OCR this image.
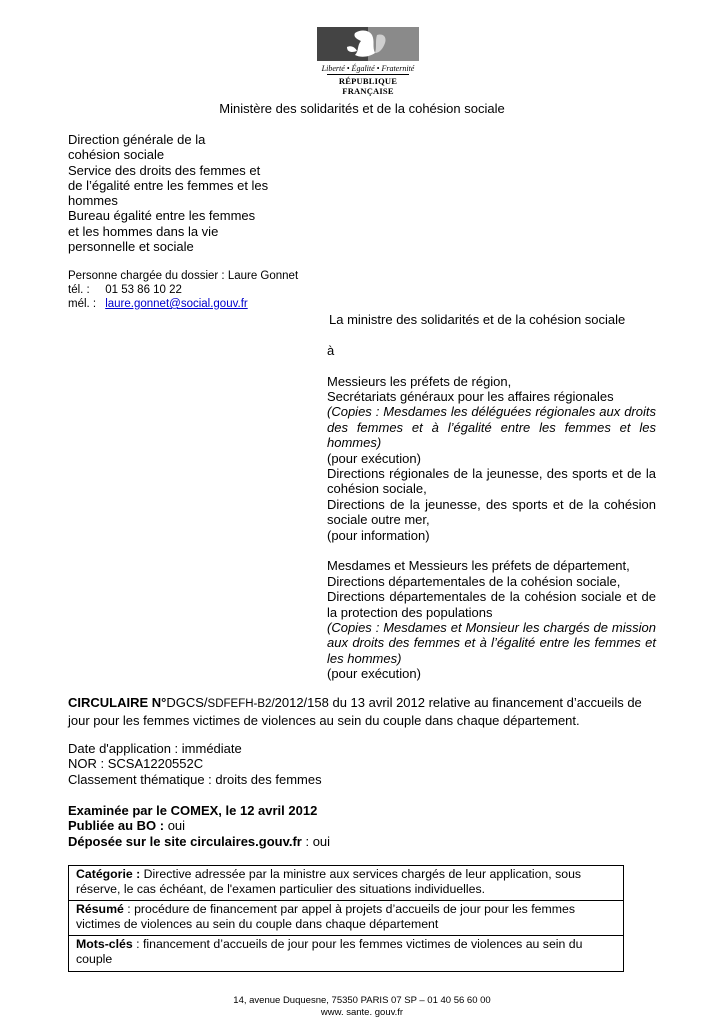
Liberté • Égalité • Fraternité
RÉPUBLIQUE FRANÇAISE
Ministère des solidarités et de la cohésion sociale
Direction générale de la
cohésion sociale
Service des droits des femmes et
de l’égalité entre les femmes et les
hommes
Bureau égalité entre les femmes
et les hommes dans la vie
personnelle et sociale
Personne chargée du dossier : Laure Gonnet
tél. : 01 53 86 10 22
mél. : laure.gonnet@social.gouv.fr
La ministre des solidarités et de la cohésion sociale
à
Messieurs les préfets de région,
Secrétariats généraux pour les affaires régionales
(Copies : Mesdames les déléguées régionales aux droits des femmes et à l’égalité entre les femmes et les hommes)
(pour exécution)
Directions régionales de la jeunesse, des sports et de la cohésion sociale,
Directions de la jeunesse, des sports et de la cohésion sociale outre mer,
(pour information)
Mesdames et Messieurs les préfets de département,
Directions départementales de la cohésion sociale,
Directions départementales de la cohésion sociale et de la protection des populations
(Copies : Mesdames et Monsieur les chargés de mission aux droits des femmes et à l’égalité entre les femmes et les hommes)
(pour exécution)
CIRCULAIRE N°DGCS/SDFEFH-B2/2012/158 du 13 avril 2012 relative au financement d’accueils de jour pour les femmes victimes de violences au sein du couple dans chaque département.
Date d'application : immédiate
NOR : SCSA1220552C
Classement thématique : droits des femmes
Examinée par le COMEX, le 12 avril 2012
Publiée au BO : oui
Déposée sur le site circulaires.gouv.fr : oui
Catégorie : Directive adressée par la ministre aux services chargés de leur application, sous réserve, le cas échéant, de l'examen particulier des situations individuelles.
Résumé : procédure de financement par appel à projets d’accueils de jour pour les femmes victimes de violences au sein du couple dans chaque département
Mots-clés : financement d’accueils de jour pour les femmes victimes de violences au sein du couple
14, avenue Duquesne, 75350 PARIS 07 SP – 01 40 56 60 00
www. sante. gouv.fr
